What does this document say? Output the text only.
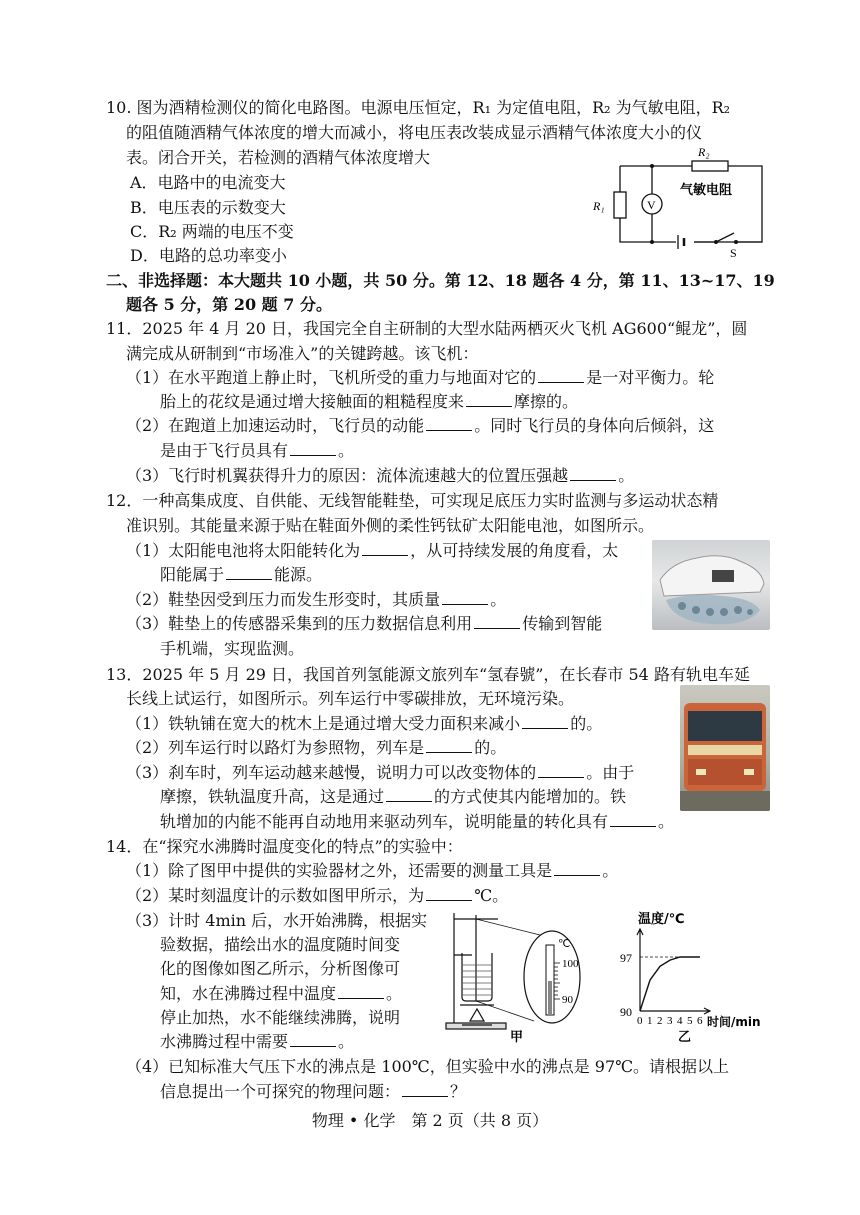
10. 图为酒精检测仪的简化电路图。电源电压恒定，R₁ 为定值电阻，R₂ 为气敏电阻，R₂
的阻值随酒精气体浓度的增大而减小，将电压表改装成显示酒精气体浓度大小的仪
表。闭合开关，若检测的酒精气体浓度增大
A．电路中的电流变大
B．电压表的示数变大
C．R₂ 两端的电压不变
D．电路的总功率变小
R₁
R₂
V
气敏电阻
S
二、非选择题：本大题共 10 小题，共 50 分。第 12、18 题各 4 分，第 11、13~17、19
题各 5 分，第 20 题 7 分。
11．2025 年 4 月 20 日，我国完全自主研制的大型水陆两栖灭火飞机 AG600“鲲龙”，圆
满完成从研制到“市场准入”的关键跨越。该飞机：
（1）在水平跑道上静止时，飞机所受的重力与地面对它的	是一对平衡力。轮
胎上的花纹是通过增大接触面的粗糙程度来	摩擦的。
（2）在跑道上加速运动时，飞行员的动能	。同时飞行员的身体向后倾斜，这
是由于飞行员具有	。
（3）飞行时机翼获得升力的原因：流体流速越大的位置压强越	。
12．一种高集成度、自供能、无线智能鞋垫，可实现足底压力实时监测与多运动状态精
准识别。其能量来源于贴在鞋面外侧的柔性钙钛矿太阳能电池，如图所示。
（1）太阳能电池将太阳能转化为	，从可持续发展的角度看，太
阳能属于	能源。
（2）鞋垫因受到压力而发生形变时，其质量	。
（3）鞋垫上的传感器采集到的压力数据信息利用	传输到智能
手机端，实现监测。
13．2025 年 5 月 29 日，我国首列氢能源文旅列车“氢春號”，在长春市 54 路有轨电车延
长线上试运行，如图所示。列车运行中零碳排放，无环境污染。
（1）铁轨铺在宽大的枕木上是通过增大受力面积来减小	的。
（2）列车运行时以路灯为参照物，列车是	的。
（3）刹车时，列车运动越来越慢，说明力可以改变物体的	。由于
摩擦，铁轨温度升高，这是通过	的方式使其内能增加的。铁
轨增加的内能不能再自动地用来驱动列车，说明能量的转化具有	。
14．在“探究水沸腾时温度变化的特点”的实验中：
（1）除了图甲中提供的实验器材之外，还需要的测量工具是	。
（2）某时刻温度计的示数如图甲所示，为	℃。
（3）计时 4min 后，水开始沸腾，根据实
验数据，描绘出水的温度随时间变
化的图像如图乙所示，分析图像可
知，水在沸腾过程中温度	。
停止加热，水不能继续沸腾，说明
水沸腾过程中需要	。
（4）已知标准大气压下水的沸点是 100℃，但实验中水的沸点是 97℃。请根据以上
信息提出一个可探究的物理问题：	？
℃
100
90
甲
温度/℃
时间/min
97
90
乙
0 1 2 3 4 5 6
物理 • 化学　第 2 页（共 8 页）
